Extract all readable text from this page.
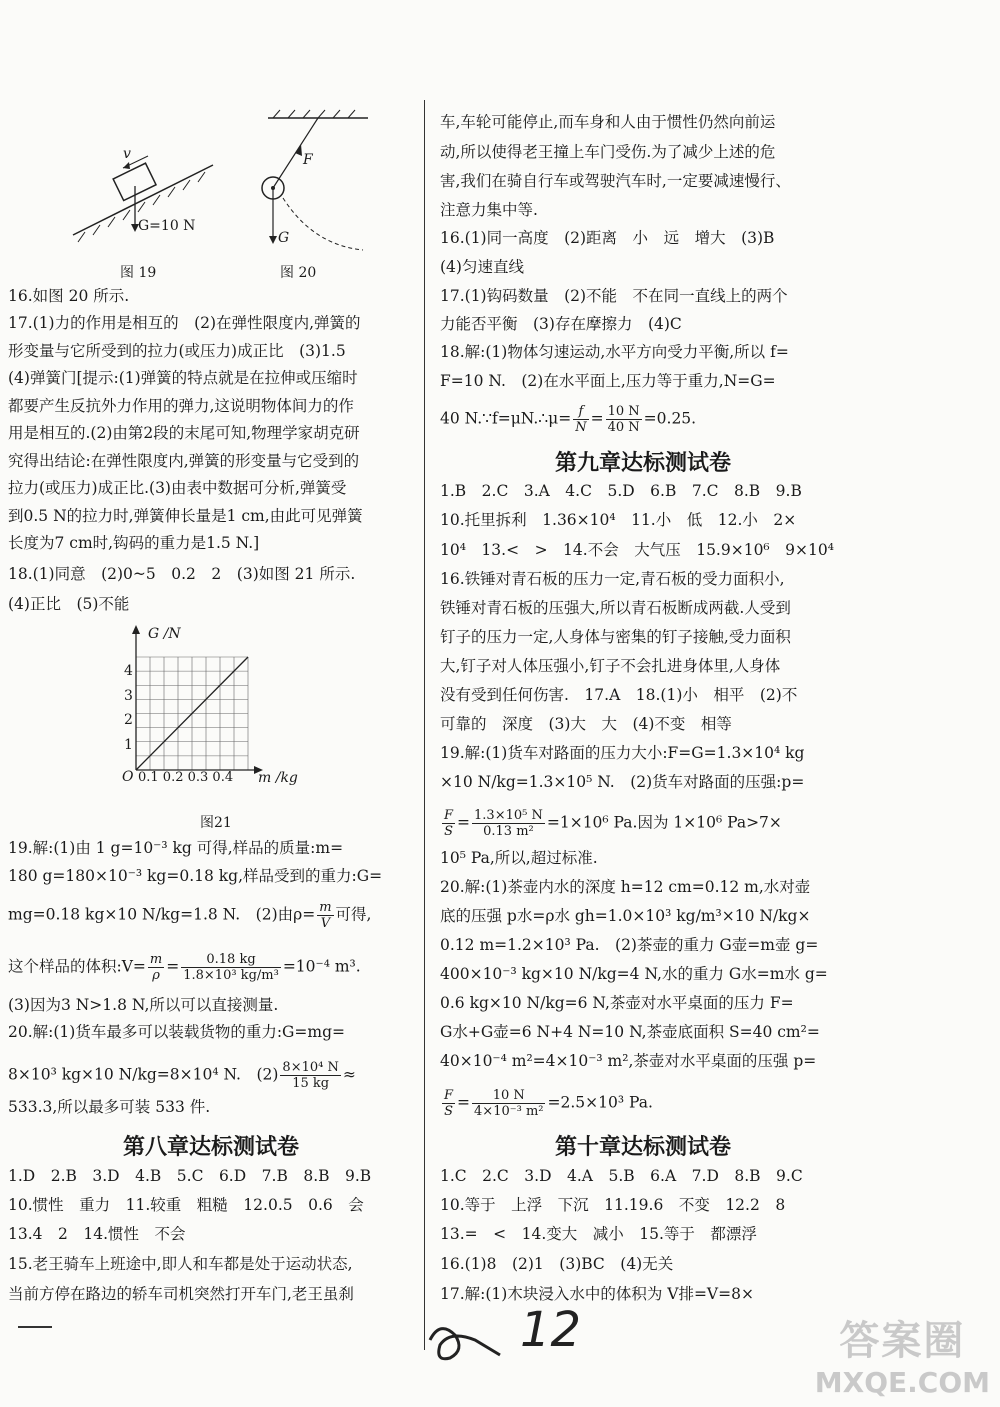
v
G=10 N
图 19
F
G
图 20
16.如图 20 所示.
17.(1)力的作用是相互的　(2)在弹性限度内,弹簧的
形变量与它所受到的拉力(或压力)成正比　(3)1.5
(4)弹簧门[提示:(1)弹簧的特点就是在拉伸或压缩时
都要产生反抗外力作用的弹力,这说明物体间力的作
用是相互的.(2)由第2段的末尾可知,物理学家胡克研
究得出结论:在弹性限度内,弹簧的形变量与它受到的
拉力(或压力)成正比.(3)由表中数据可分析,弹簧受
到0.5 N的拉力时,弹簧伸长量是1 cm,由此可见弹簧
长度为7 cm时,钩码的重力是1.5 N.]
18.(1)同意　(2)0~5　0.2　2　(3)如图 21 所示.
(4)正比　(5)不能
G /N
4
3
2
1
O 0.1 0.2 0.3 0.4 m /kg
图21
19.解:(1)由 1 g=10⁻³ kg 可得,样品的质量:m=
180 g=180×10⁻³ kg=0.18 kg,样品受到的重力:G=
mg=0.18 kg×10 N/kg=1.8 N.　(2)由$\rho= \frac{m}{V}$ 可得,
这个样品的体积:V= $\frac{m}{\rho} = \frac{0.18 kg}{\text{1.8×10³ kg/m³}} =10^{-4}$ m³.
(3)因为3 N>1.8 N,所以可以直接测量.
20.解:(1)货车最多可以装载货物的重力:G=mg=
8×10³ kg×10 N/kg=8×10⁴ N.　$(2) \frac{\text{8×10⁴ N}}{15 kg}$ ≈
533.3,所以最多可装 533 件.
第八章达标测试卷
1.D　2.B　3.D　4.B　5.C　6.D　7.B　8.B　9.B
10.惯性　重力　11.较重　粗糙　12.0.5　0.6　会
13.4　2　14.惯性　不会
15.老王骑车上班途中,即人和车都是处于运动状态,
当前方停在路边的轿车司机突然打开车门,老王虽刹
车,车轮可能停止,而车身和人由于惯性仍然向前运
动,所以使得老王撞上车门受伤.为了减少上述的危
害,我们在骑自行车或驾驶汽车时,一定要减速慢行、
注意力集中等.
16.(1)同一高度　(2)距离　小　远　增大　(3)B
(4)匀速直线
17.(1)钩码数量　(2)不能　不在同一直线上的两个
力能否平衡　(3)存在摩擦力　(4)C
18.解:(1)物体匀速运动,水平方向受力平衡,所以 f=
F=10 N.　(2)在水平面上,压力等于重力,N=G=
40 N.∵f=μN.∴μ= $\frac{f}{N} = \frac{10 N}{40 N} =0.25$.
第九章达标测试卷
1.B　2.C　3.A　4.C　5.D　6.B　7.C　8.B　9.B
10.托里拆利　1.36×10⁴　11.小　低　12.小　2×
10⁴　13.<　>　14.不会　大气压　15.9×10⁶　9×10⁴
16.铁锤对青石板的压力一定,青石板的受力面积小,
铁锤对青石板的压强大,所以青石板断成两截.人受到
钉子的压力一定,人身体与密集的钉子接触,受力面积
大,钉子对人体压强小,钉子不会扎进身体里,人身体
没有受到任何伤害.　17.A　18.(1)小　相平　(2)不
可靠的　深度　(3)大　大　(4)不变　相等
19.解:(1)货车对路面的压力大小:F=G=1.3×10⁴ kg
×10 N/kg=1.3×10⁵ N.　(2)货车对路面的压强:p=
$\frac{F}{S} = \frac{\text{1.3×10⁵ N}}{\text{0.13 m²}} =1\times 10^6$ Pa.因为 1×10⁶ Pa>7×
10⁵ Pa,所以,超过标准.
20.解:(1)茶壶内水的深度 h=12 cm=0.12 m,水对壶
底的压强 p水=ρ水 gh=1.0×10³ kg/m³×10 N/kg×
0.12 m=1.2×10³ Pa.　(2)茶壶的重力 G壶=m壶 g=
400×10⁻³ kg×10 N/kg=4 N,水的重力 G水=m水 g=
0.6 kg×10 N/kg=6 N,茶壶对水平桌面的压力 F=
G水+G壶=6 N+4 N=10 N,茶壶底面积 S=40 cm²=
40×10⁻⁴ m²=4×10⁻³ m²,茶壶对水平桌面的压强 p=
$\frac{F}{S} = \frac{10 N}{\text{4×10⁻³ m²}} =2.5\times 10^3$ Pa.
第十章达标测试卷
1.C　2.C　3.D　4.A　5.B　6.A　7.D　8.B　9.C
10.等于　上浮　下沉　11.19.6　不变　12.2　8
13.=　<　14.变大　减小　15.等于　都漂浮
16.(1)8　(2)1　(3)BC　(4)无关
17.解:(1)木块浸入水中的体积为 V排=V=8×
12	答案圈
MXQE.COM
